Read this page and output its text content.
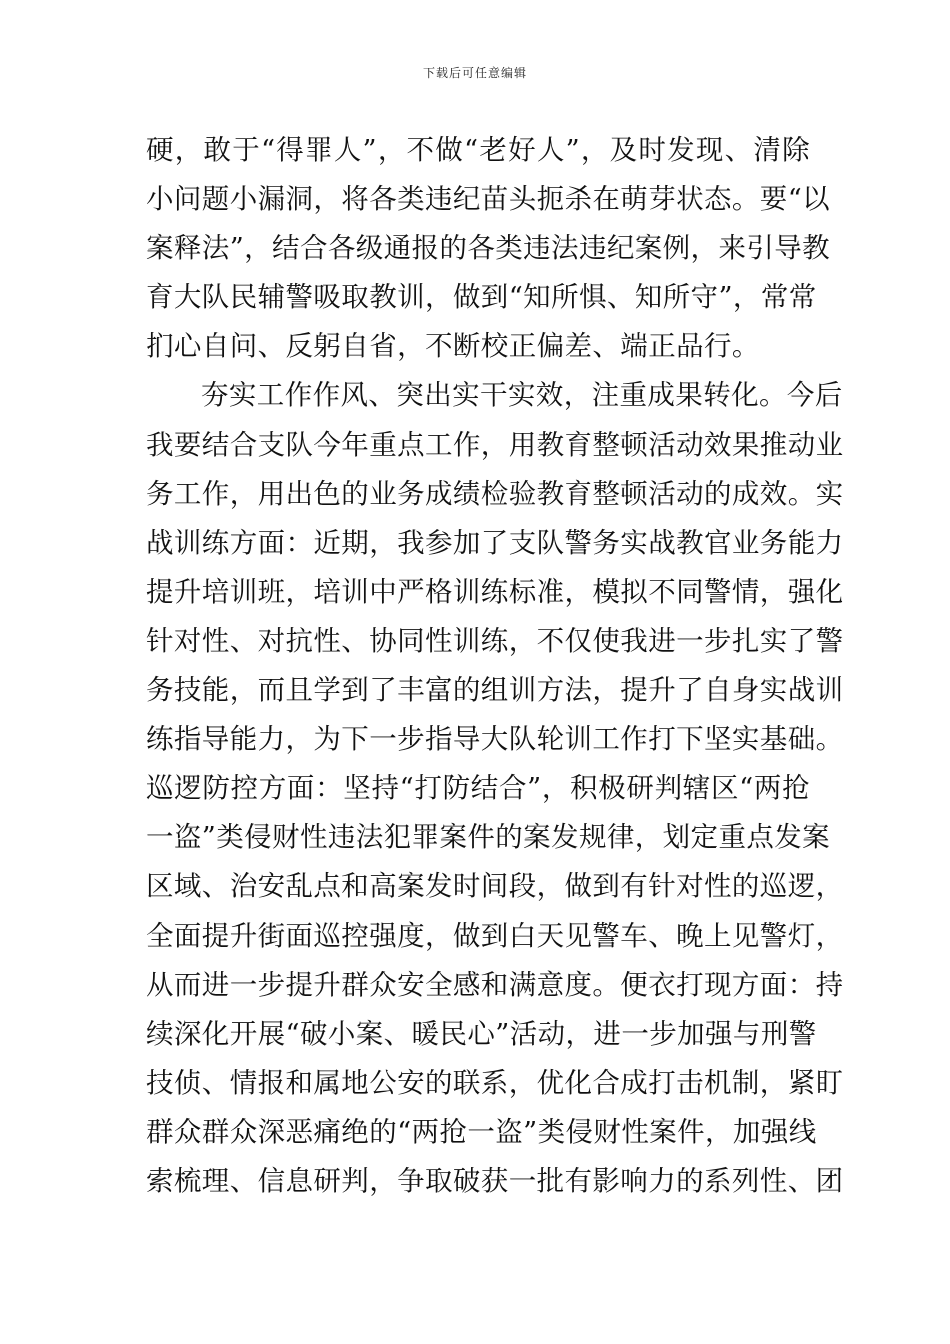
下载后可任意编辑
硬，敢于“得罪人”，不做“老好人”，及时发现、清除
小问题小漏洞，将各类违纪苗头扼杀在萌芽状态。要“以
案释法”，结合各级通报的各类违法违纪案例，来引导教
育大队民辅警吸取教训，做到“知所惧、知所守”，常常
扪心自问、反躬自省，不断校正偏差、端正品行。
夯实工作作风、突出实干实效，注重成果转化。今后
我要结合支队今年重点工作，用教育整顿活动效果推动业
务工作，用出色的业务成绩检验教育整顿活动的成效。实
战训练方面：近期，我参加了支队警务实战教官业务能力
提升培训班，培训中严格训练标准，模拟不同警情，强化
针对性、对抗性、协同性训练，不仅使我进一步扎实了警
务技能，而且学到了丰富的组训方法，提升了自身实战训
练指导能力，为下一步指导大队轮训工作打下坚实基础。
巡逻防控方面：坚持“打防结合”，积极研判辖区“两抢
一盗”类侵财性违法犯罪案件的案发规律，划定重点发案
区域、治安乱点和高案发时间段，做到有针对性的巡逻，
全面提升街面巡控强度，做到白天见警车、晚上见警灯，
从而进一步提升群众安全感和满意度。便衣打现方面：持
续深化开展“破小案、暖民心”活动，进一步加强与刑警
技侦、情报和属地公安的联系，优化合成打击机制，紧盯
群众群众深恶痛绝的“两抢一盗”类侵财性案件，加强线
索梳理、信息研判，争取破获一批有影响力的系列性、团
